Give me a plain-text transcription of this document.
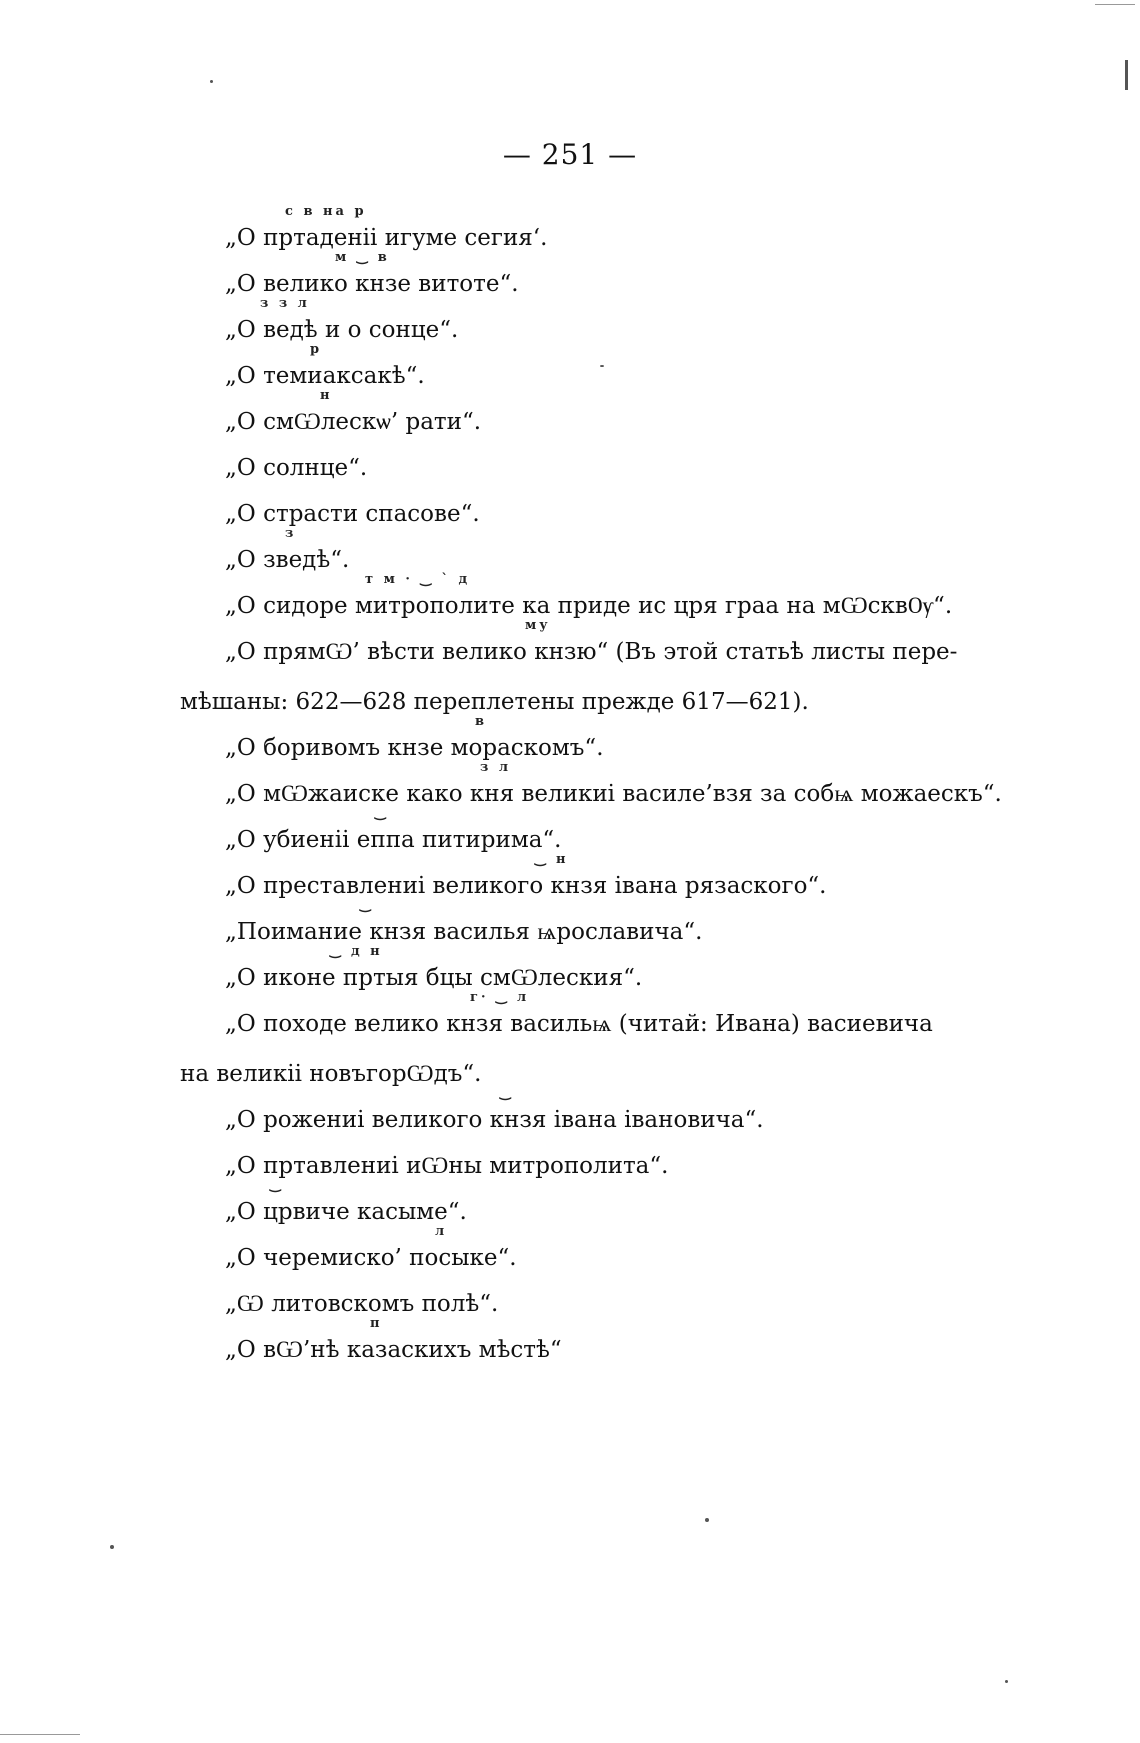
— 251 —
с в на р
„О пртаденіі игуме сегия‘.
м ‿ в
„О велико кнзе витоте“.
з з л
„О ведѣ и о сонце“.
р
„О темиаксакѣ“.
н
„О смѠлескѡ’ рати“.
„О солнце“.
„О страсти спасове“.
з
„О зведѣ“.
т м · ‿ ˋ д
„О сидоре митрополите ка приде ис цря граа на мѠсквѸ“.
му
„О прямѠ’ вѣсти велико кнзю“ (Въ этой статьѣ листы пере-
мѣшаны: 622—628 переплетены прежде 617—621).
в
„О боривомъ кнзе мораскомъ“.
з л
„О мѠжаиске како кня великиі василе’взя за собѩ можаескъ“.
‿
„О убиеніі еппа питирима“.
‿ н
„О преставлениі великого кнзя івана рязаского“.
‿
„Поимание кнзя василья ѩрославича“.
‿ д н
„О иконе пртыя бцы смѠлеския“.
г· ‿ л
„О походе велико кнзя васильѩ (читай: Ивана) васиевича
на великіі новъгорѠдъ“.
‿
„О рожениі великого кнзя івана івановича“.
„О пртавлениі иѠны митрополита“.
‿
„О црвиче касыме“.
л
„О черемиско’ посыке“.
„Ѡ литовскомъ полѣ“.
п
„О вѠ’нѣ казаскихъ мѣстѣ“
